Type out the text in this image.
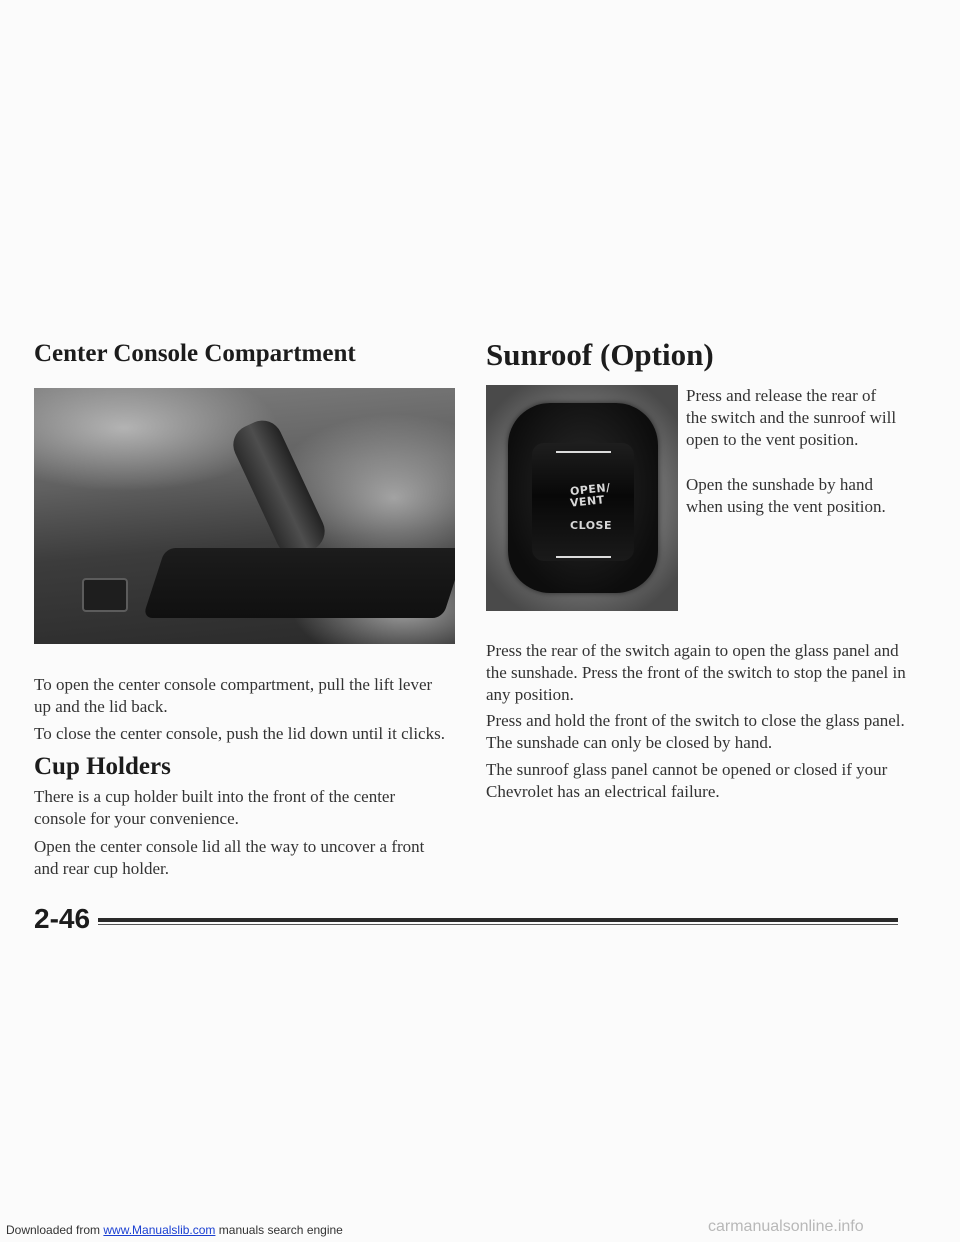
Center Console Compartment

To open the center console compartment, pull the lift lever up and the lid back.

To close the center console, push the lid down until it clicks.

Cup Holders

There is a cup holder built into the front of the center console for your convenience.

Open the center console lid all the way to uncover a front and rear cup holder.

Sunroof (Option)

OPEN/

VENT

CLOSE

Press and release the rear of the switch and the sunroof will open to the vent position.

Open the sunshade by hand when using the vent position.

Press the rear of the switch again to open the glass panel and the sunshade. Press the front of the switch to stop the panel in any position.

Press and hold the front of the switch to close the glass panel. The sunshade can only be closed by hand.

The sunroof glass panel cannot be opened or closed if your Chevrolet has an electrical failure.

2-46

Downloaded from www.Manualslib.com manuals search engine	carmanualsonline.info
